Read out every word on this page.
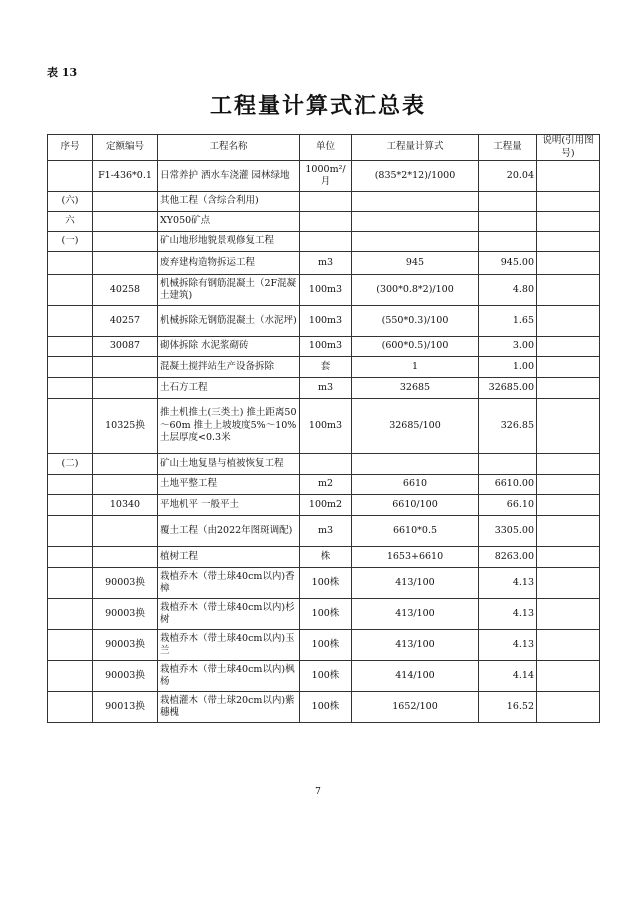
表 13
工程量计算式汇总表
序号	定额编号	工程名称	单位	工程量计算式	工程量	说明(引用图号)
	F1-436*0.1	日常养护 洒水车浇灌 园林绿地	1000m²/月	(835*2*12)/1000	20.04	
(六)		其他工程（含综合利用)				
六		XY050矿点				
(一)		矿山地形地貌景观修复工程				
		废弃建构造物拆运工程	m3	945	945.00	
	40258	机械拆除有钢筋混凝土（2F混凝土建筑)	100m3	(300*0.8*2)/100	4.80	
	40257	机械拆除无钢筋混凝土（水泥坪)	100m3	(550*0.3)/100	1.65	
	30087	砌体拆除 水泥浆砌砖	100m3	(600*0.5)/100	3.00	
		混凝土搅拌站生产设备拆除	套	1	1.00	
		土石方工程	m3	32685	32685.00	
	10325换	推土机推土(三类土) 推土距离50～60m 推土上坡坡度5%～10% 土层厚度<0.3米	100m3	32685/100	326.85	
(二)		矿山土地复垦与植被恢复工程				
		土地平整工程	m2	6610	6610.00	
	10340	平地机平 一般平土	100m2	6610/100	66.10	
		覆土工程（由2022年图斑调配)	m3	6610*0.5	3305.00	
		植树工程	株	1653+6610	8263.00	
	90003换	栽植乔木（带土球40cm以内)香樟	100株	413/100	4.13	
	90003换	栽植乔木（带土球40cm以内)杉树	100株	413/100	4.13	
	90003换	栽植乔木（带土球40cm以内)玉兰	100株	413/100	4.13	
	90003换	栽植乔木（带土球40cm以内)枫杨	100株	414/100	4.14	
	90013换	栽植灌木（带土球20cm以内)紫穗槐	100株	1652/100	16.52	
7
